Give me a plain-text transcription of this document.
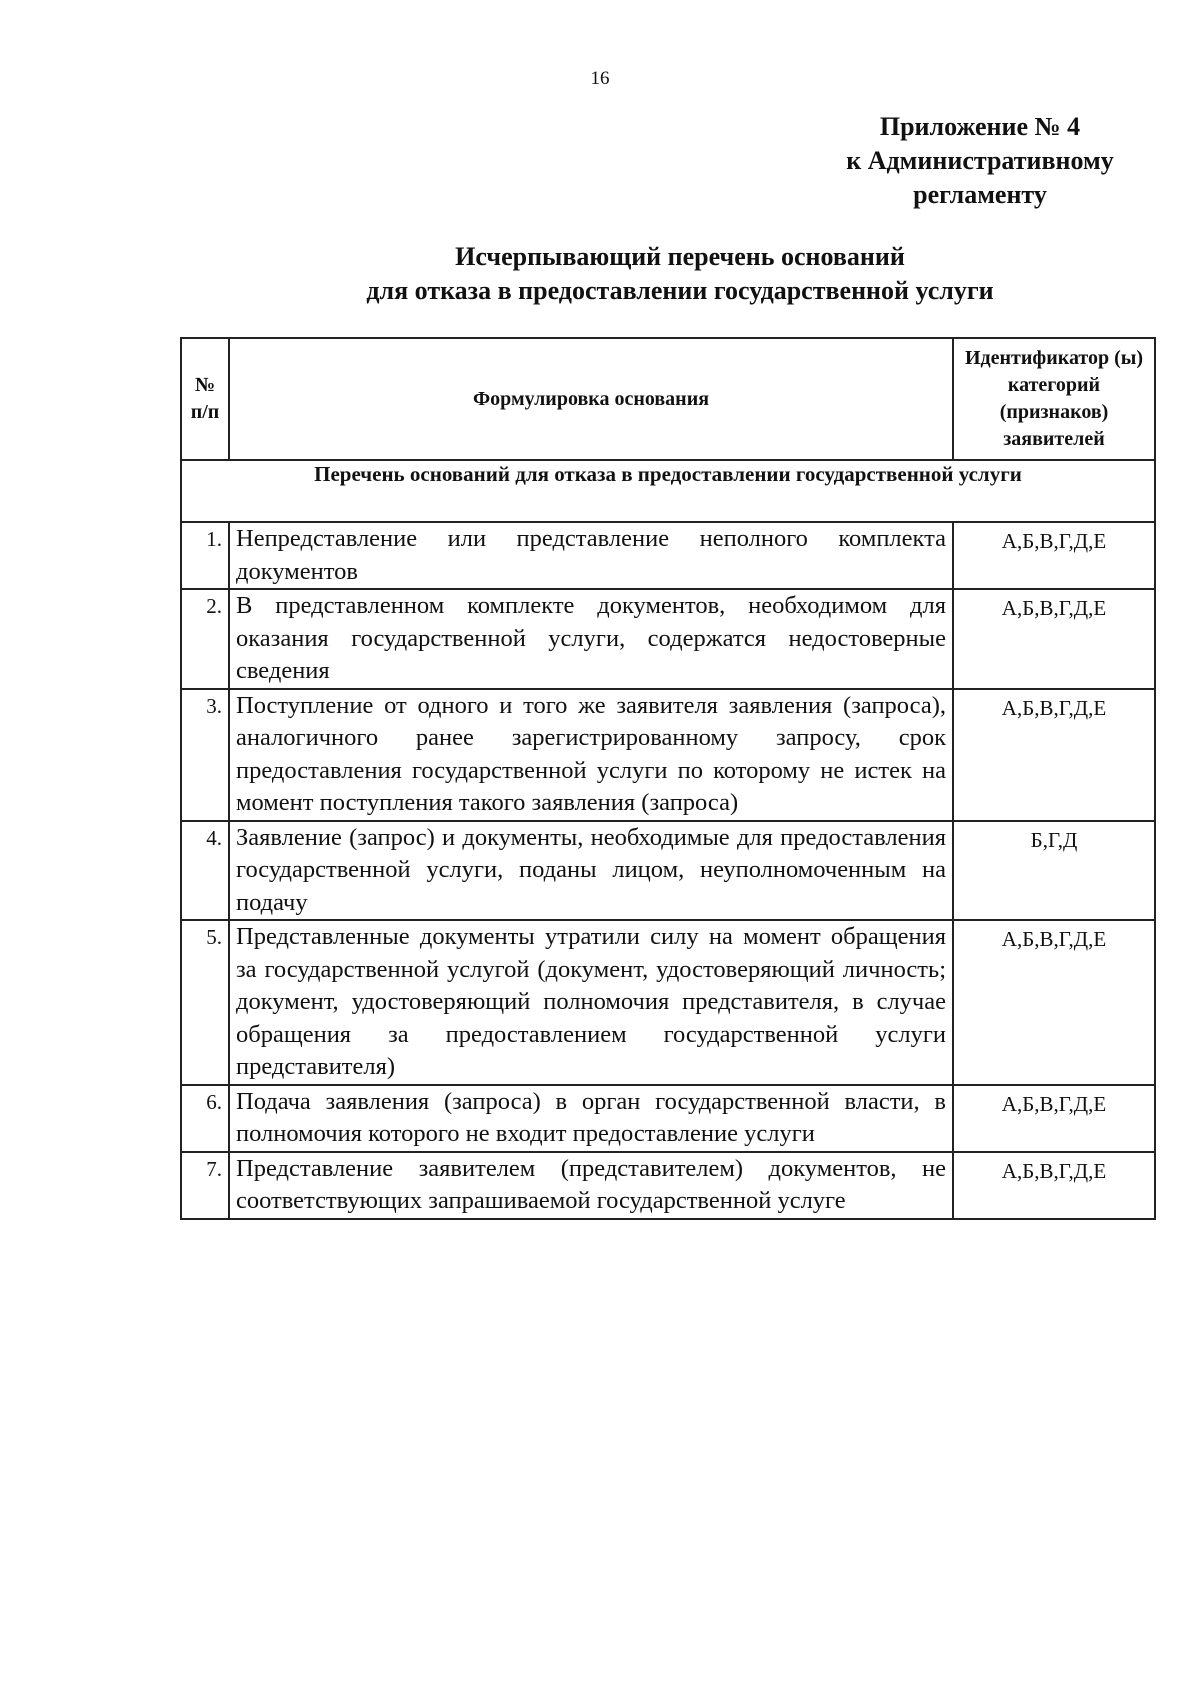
16
Приложение № 4
к Административному
регламенту
Исчерпывающий перечень оснований
для отказа в предоставлении государственной услуги
№ п/п	Формулировка основания	Идентификатор (ы) категорий (признаков) заявителей
Перечень оснований для отказа в предоставлении государственной услуги		
1.	Непредставление или представление неполного комплекта документов	А,Б,В,Г,Д,Е
2.	В представленном комплекте документов, необходимом для оказания государственной услуги, содержатся недостоверные сведения	А,Б,В,Г,Д,Е
3.	Поступление от одного и того же заявителя заявления (запроса), аналогичного ранее зарегистрированному запросу, срок предоставления государственной услуги по которому не истек на момент поступления такого заявления (запроса)	А,Б,В,Г,Д,Е
4.	Заявление (запрос) и документы, необходимые для предоставления государственной услуги, поданы лицом, неуполномоченным на подачу	Б,Г,Д
5.	Представленные документы утратили силу на момент обращения за государственной услугой (документ, удостоверяющий личность; документ, удостоверяющий полномочия представителя, в случае обращения за предоставлением государственной услуги представителя)	А,Б,В,Г,Д,Е
6.	Подача заявления (запроса) в орган государственной власти, в полномочия которого не входит предоставление услуги	А,Б,В,Г,Д,Е
7.	Представление заявителем (представителем) документов, не соответствующих запрашиваемой государственной услуге	А,Б,В,Г,Д,Е
